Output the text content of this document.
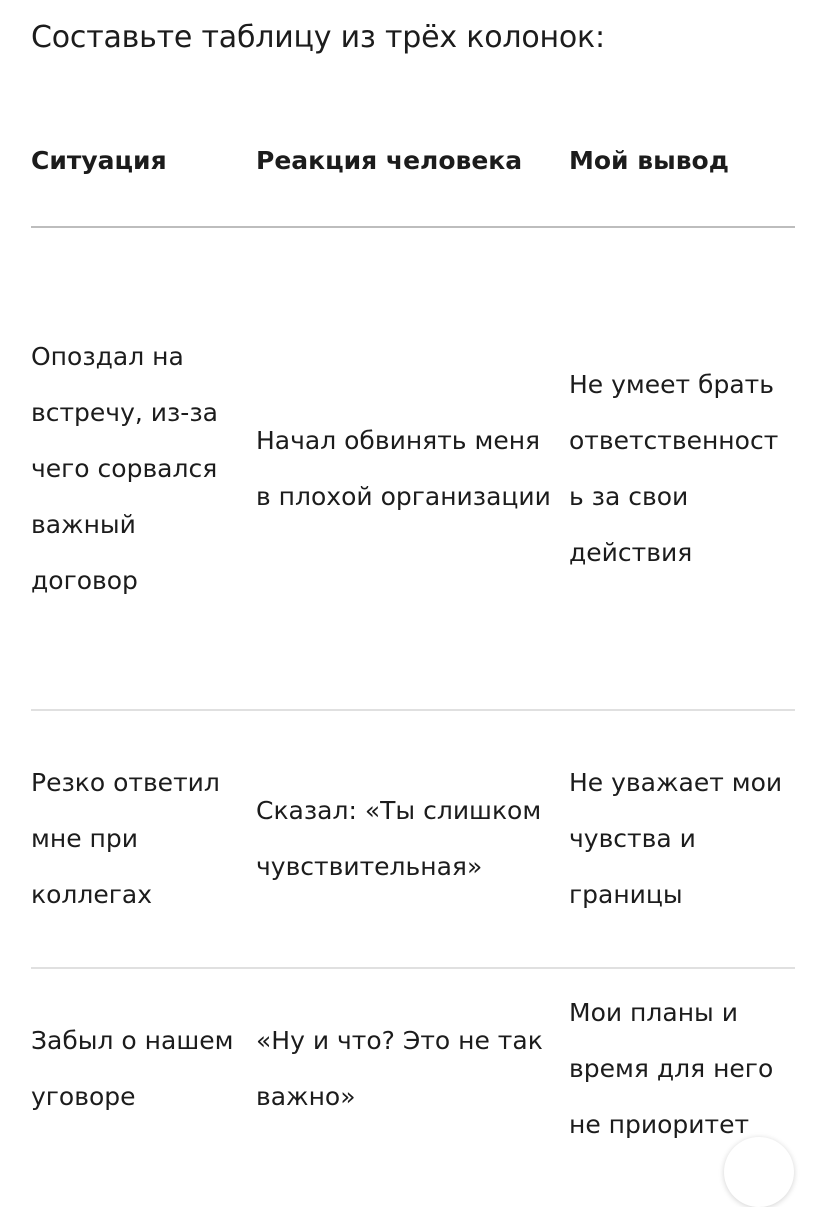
Составьте таблицу из трёх колонок:
Ситуация	Реакция человека	Мой вывод
Опоздал на встречу, из-за чего сорвался важный договор	Начал обвинять меня в плохой организации	Не умеет брать ответственность за свои действия
Резко ответил мне при коллегах	Сказал: «Ты слишком чувствительная»	Не уважает мои чувства и границы
Забыл о нашем уговоре	«Ну и что? Это не так важно»	Мои планы и время для него не приоритет
